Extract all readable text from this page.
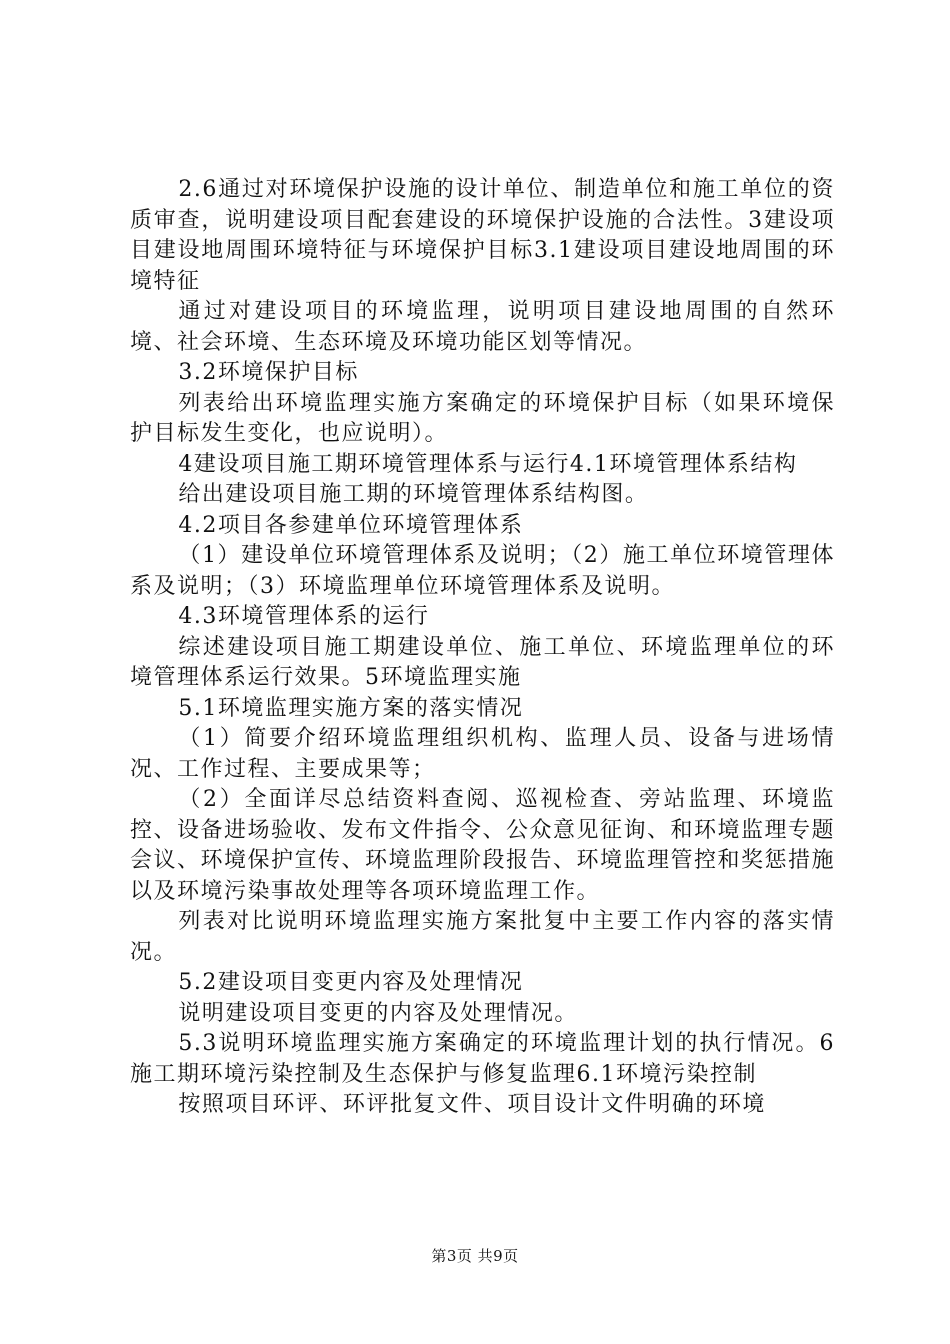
2.6通过对环境保护设施的设计单位、制造单位和施工单位的资质审查，说明建设项目配套建设的环境保护设施的合法性。3建设项目建设地周围环境特征与环境保护目标3.1建设项目建设地周围的环境特征

通过对建设项目的环境监理，说明项目建设地周围的自然环境、社会环境、生态环境及环境功能区划等情况。

3.2环境保护目标

列表给出环境监理实施方案确定的环境保护目标（如果环境保护目标发生变化，也应说明）。

4建设项目施工期环境管理体系与运行4.1环境管理体系结构

给出建设项目施工期的环境管理体系结构图。

4.2项目各参建单位环境管理体系

（1）建设单位环境管理体系及说明；（2）施工单位环境管理体系及说明；（3）环境监理单位环境管理体系及说明。

4.3环境管理体系的运行

综述建设项目施工期建设单位、施工单位、环境监理单位的环境管理体系运行效果。5环境监理实施

5.1环境监理实施方案的落实情况

（1）简要介绍环境监理组织机构、监理人员、设备与进场情况、工作过程、主要成果等；

（2）全面详尽总结资料查阅、巡视检查、旁站监理、环境监控、设备进场验收、发布文件指令、公众意见征询、和环境监理专题会议、环境保护宣传、环境监理阶段报告、环境监理管控和奖惩措施以及环境污染事故处理等各项环境监理工作。

列表对比说明环境监理实施方案批复中主要工作内容的落实情况。

5.2建设项目变更内容及处理情况

说明建设项目变更的内容及处理情况。

5.3说明环境监理实施方案确定的环境监理计划的执行情况。6施工期环境污染控制及生态保护与修复监理6.1环境污染控制

按照项目环评、环评批复文件、项目设计文件明确的环境

第3页 共9页
